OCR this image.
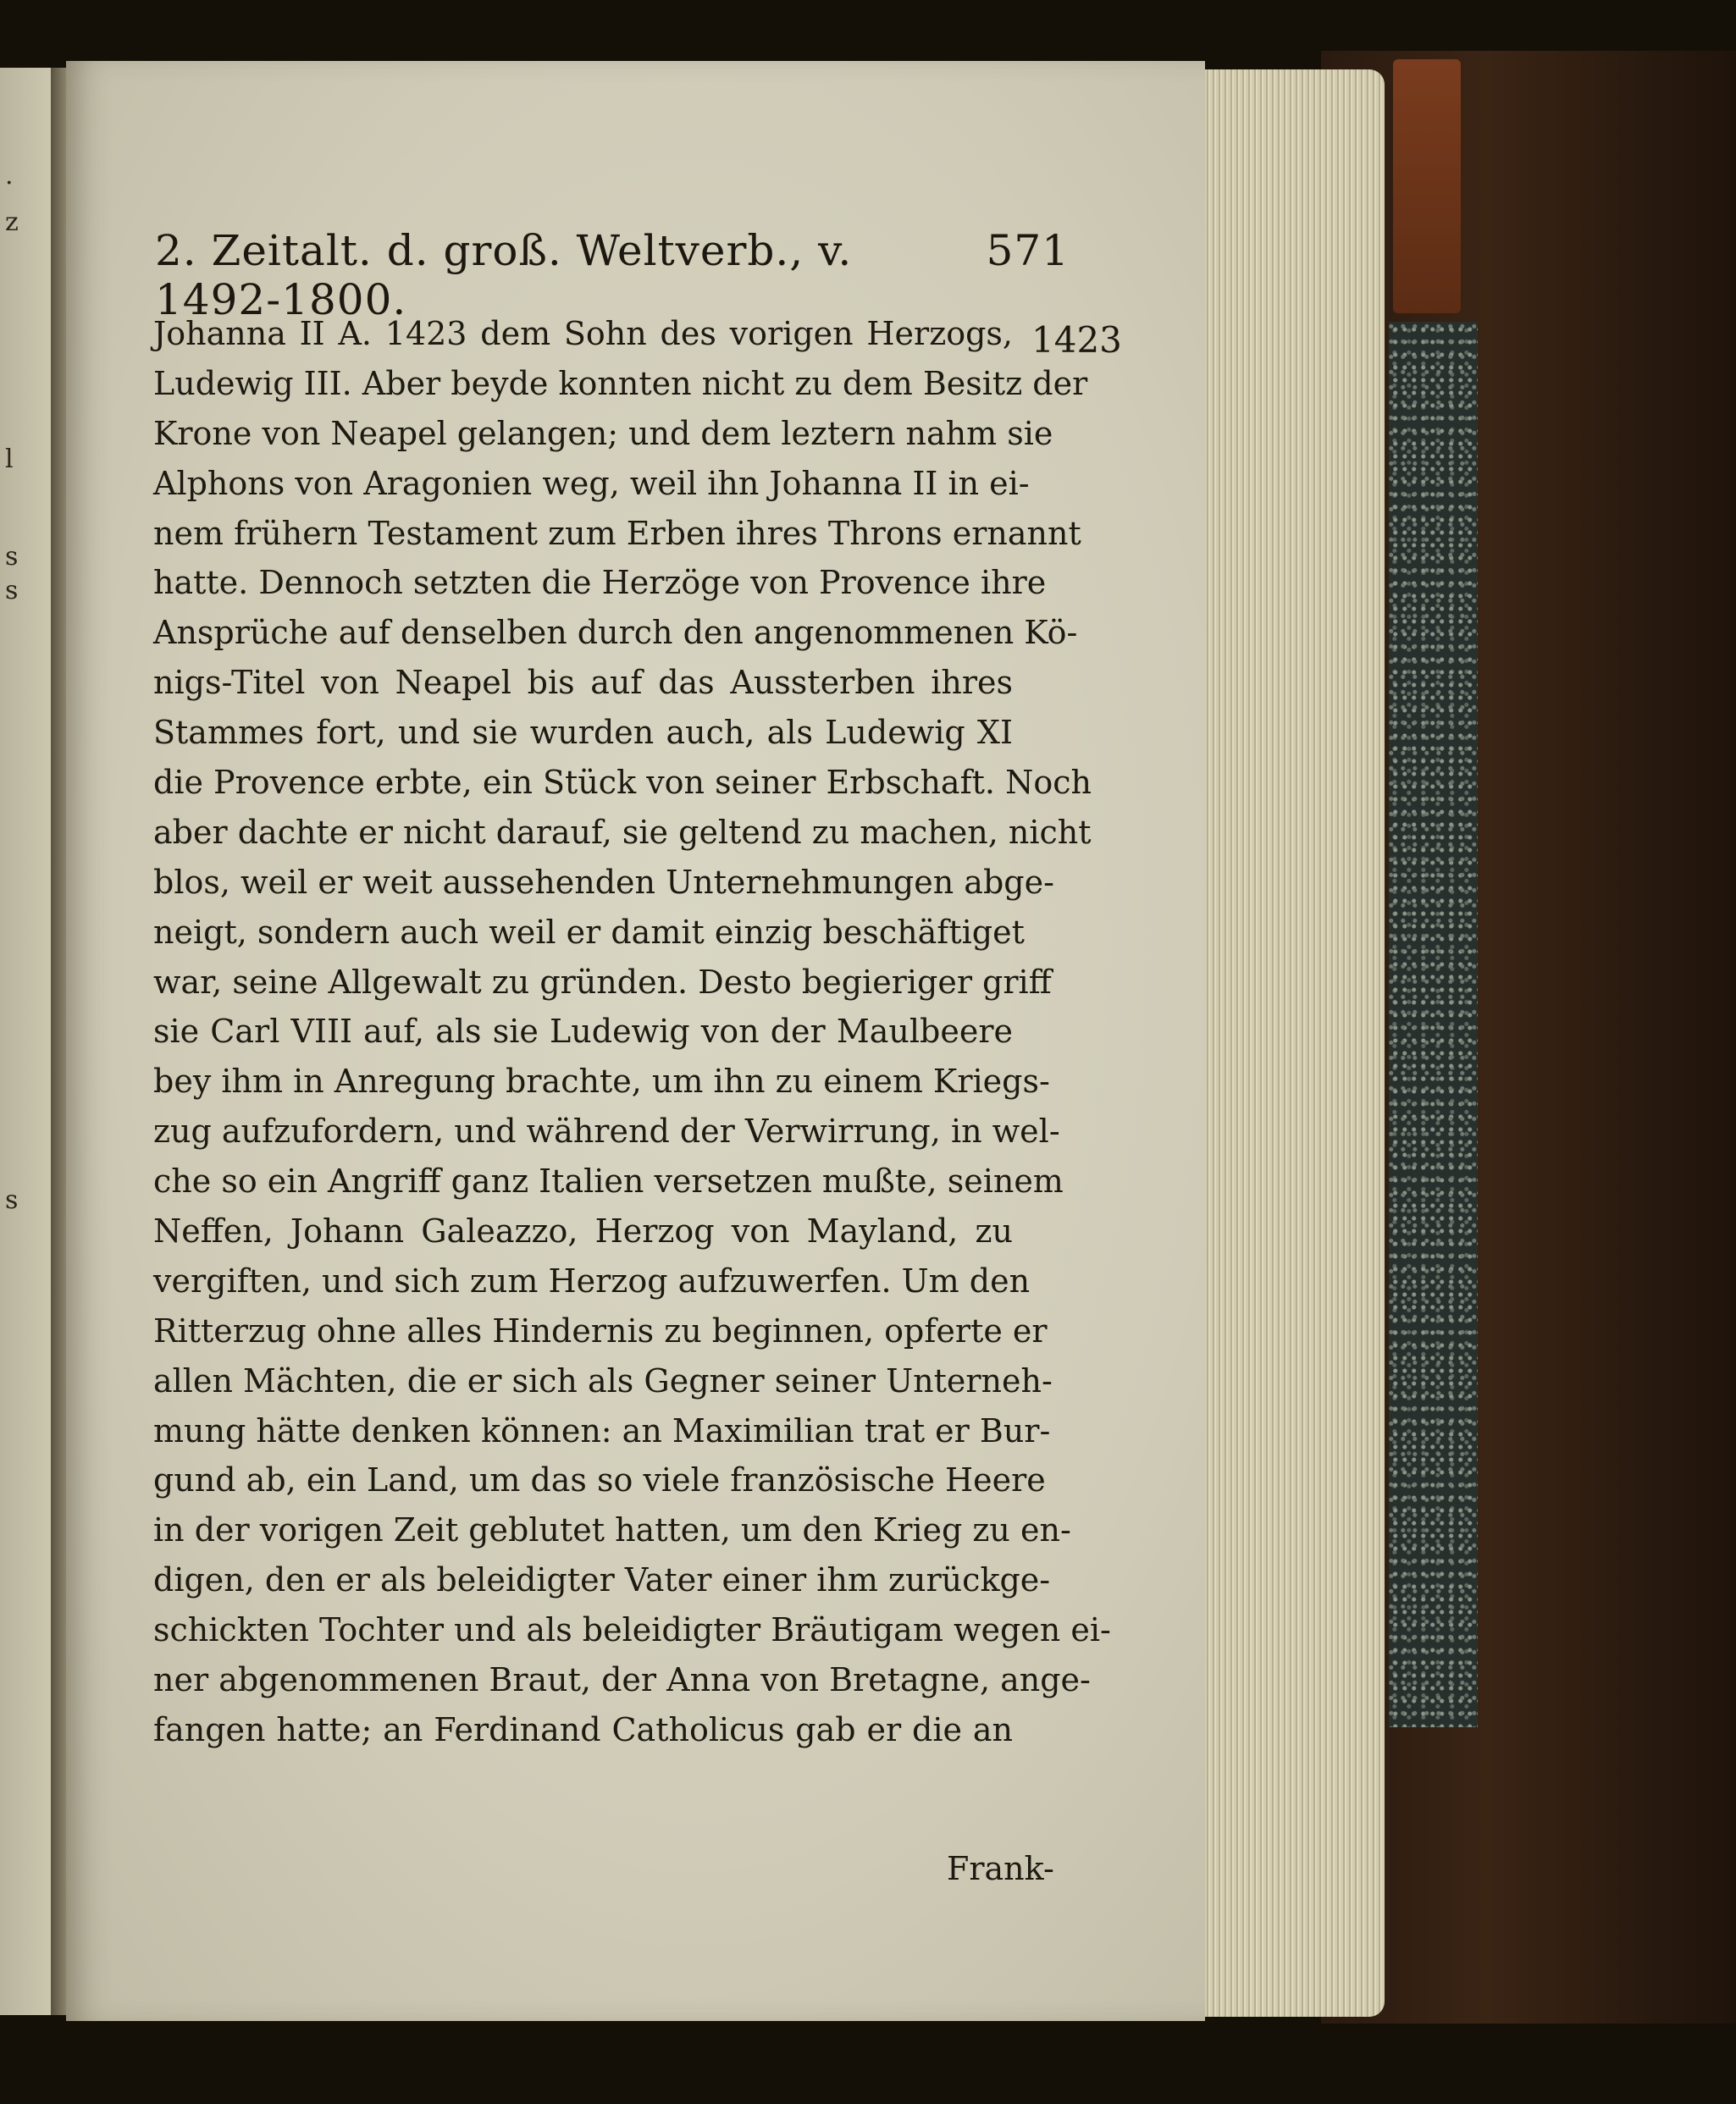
.
z
l
s
s
s
2. Zeitalt. d. groß. Weltverb., v. 1492-1800.
571
1423
Johanna II A. 1423 dem Sohn des vorigen Herzogs,
Ludewig III. Aber beyde konnten nicht zu dem Besitz der
Krone von Neapel gelangen; und dem leztern nahm sie
Alphons von Aragonien weg, weil ihn Johanna II in ei-
nem frühern Testament zum Erben ihres Throns ernannt
hatte. Dennoch setzten die Herzöge von Provence ihre
Ansprüche auf denselben durch den angenommenen Kö-
nigs-Titel von Neapel bis auf das Aussterben ihres
Stammes fort, und sie wurden auch, als Ludewig XI
die Provence erbte, ein Stück von seiner Erbschaft. Noch
aber dachte er nicht darauf, sie geltend zu machen, nicht
blos, weil er weit aussehenden Unternehmungen abge-
neigt, sondern auch weil er damit einzig beschäftiget
war, seine Allgewalt zu gründen. Desto begieriger griff
sie Carl VIII auf, als sie Ludewig von der Maulbeere
bey ihm in Anregung brachte, um ihn zu einem Kriegs-
zug aufzufordern, und während der Verwirrung, in wel-
che so ein Angriff ganz Italien versetzen mußte, seinem
Neffen, Johann Galeazzo, Herzog von Mayland, zu
vergiften, und sich zum Herzog aufzuwerfen. Um den
Ritterzug ohne alles Hindernis zu beginnen, opferte er
allen Mächten, die er sich als Gegner seiner Unterneh-
mung hätte denken können: an Maximilian trat er Bur-
gund ab, ein Land, um das so viele französische Heere
in der vorigen Zeit geblutet hatten, um den Krieg zu en-
digen, den er als beleidigter Vater einer ihm zurückge-
schickten Tochter und als beleidigter Bräutigam wegen ei-
ner abgenommenen Braut, der Anna von Bretagne, ange-
fangen hatte; an Ferdinand Catholicus gab er die an
Frank-
